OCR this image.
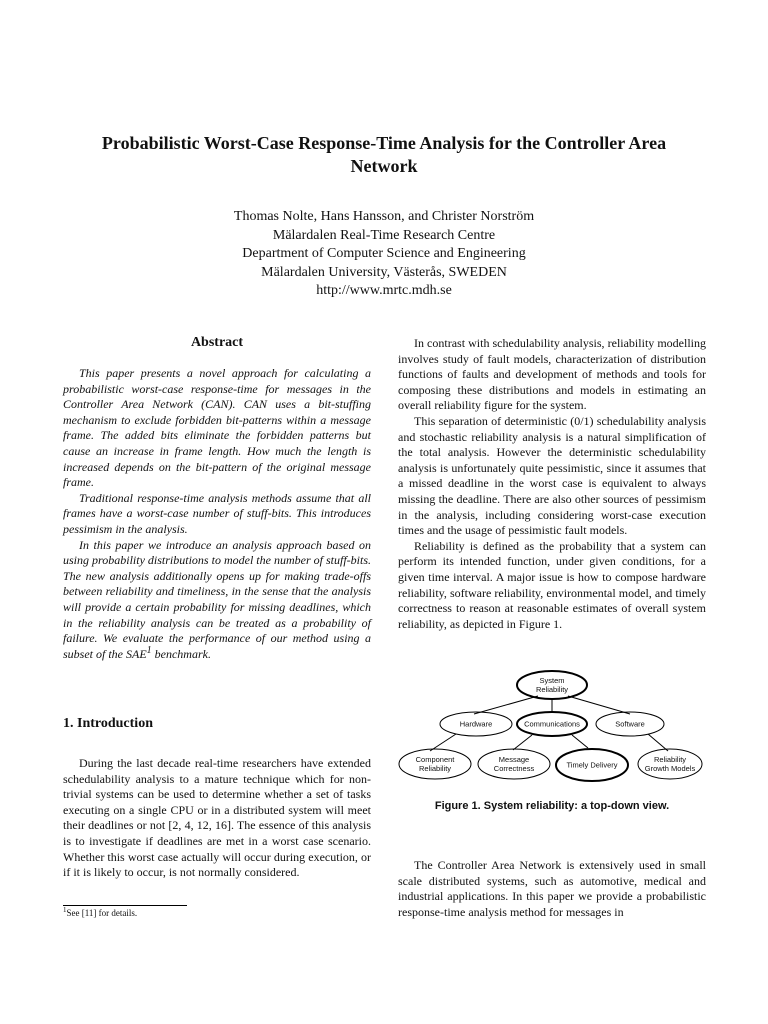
Probabilistic Worst-Case Response-Time Analysis for the Controller Area Network
Thomas Nolte, Hans Hansson, and Christer Norström
Mälardalen Real-Time Research Centre
Department of Computer Science and Engineering
Mälardalen University, Västerås, SWEDEN
http://www.mrtc.mdh.se
Abstract

This paper presents a novel approach for calculating a probabilistic worst-case response-time for messages in the Controller Area Network (CAN). CAN uses a bit-stuffing mechanism to exclude forbidden bit-patterns within a message frame. The added bits eliminate the forbidden patterns but cause an increase in frame length. How much the length is increased depends on the bit-pattern of the original message frame.

Traditional response-time analysis methods assume that all frames have a worst-case number of stuff-bits. This introduces pessimism in the analysis.

In this paper we introduce an analysis approach based on using probability distributions to model the number of stuff-bits. The new analysis additionally opens up for making trade-offs between reliability and timeliness, in the sense that the analysis will provide a certain probability for missing deadlines, which in the reliability analysis can be treated as a probability of failure. We evaluate the performance of our method using a subset of the SAE$^1$ benchmark.

1. Introduction

During the last decade real-time researchers have extended schedulability analysis to a mature technique which for non-trivial systems can be used to determine whether a set of tasks executing on a single CPU or in a distributed system will meet their deadlines or not [2, 4, 12, 16]. The essence of this analysis is to investigate if deadlines are met in a worst case scenario. Whether this worst case actually will occur during execution, or if it is likely to occur, is not normally considered.

$^1$See [11] for details.

In contrast with schedulability analysis, reliability modelling involves study of fault models, characterization of distribution functions of faults and development of methods and tools for composing these distributions and models in estimating an overall reliability figure for the system.

This separation of deterministic (0/1) schedulability analysis and stochastic reliability analysis is a natural simplification of the total analysis. However the deterministic schedulability analysis is unfortunately quite pessimistic, since it assumes that a missed deadline in the worst case is equivalent to always missing the deadline. There are also other sources of pessimism in the analysis, including considering worst-case execution times and the usage of pessimistic fault models.

Reliability is defined as the probability that a system can perform its intended function, under given conditions, for a given time interval. A major issue is how to compose hardware reliability, software reliability, environmental model, and timely correctness to reason at reasonable estimates of overall system reliability, as depicted in Figure 1.

System
Reliability
Hardware	Communications	Software
Component
Reliability
Message
Correctness	Timely Delivery
Reliability
Growth Models
Figure 1. System reliability: a top-down view.

The Controller Area Network is extensively used in small scale distributed systems, such as automotive, medical and industrial applications. In this paper we provide a probabilistic response-time analysis method for messages in
